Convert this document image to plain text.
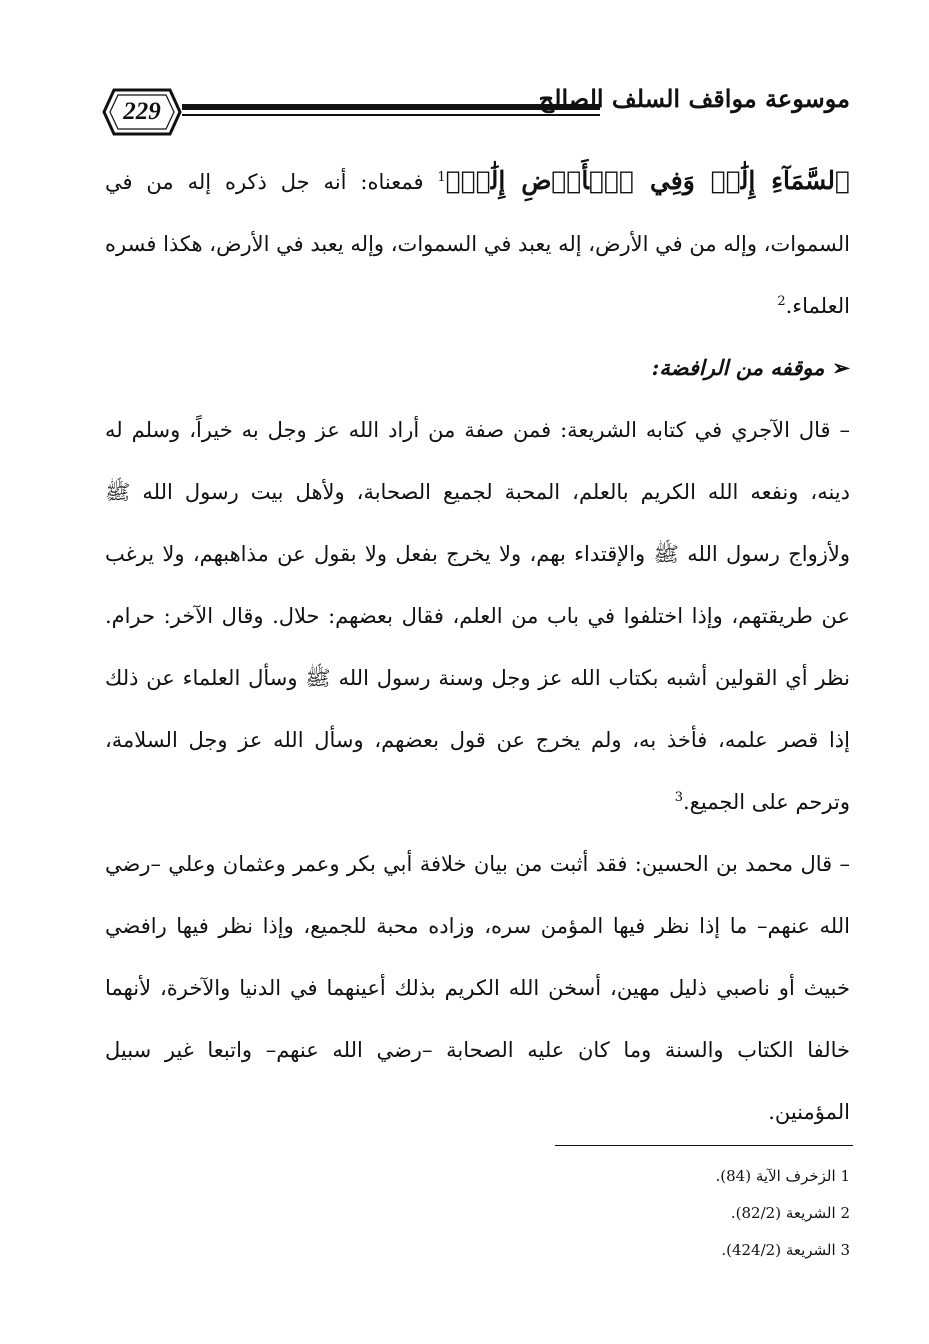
229	موسوعة مواقف السلف الصالح

ٱلسَّمَآءِ إِلَٰهٞ وَفِي ٱلۡأَرۡضِ إِلَٰهٞۚ$^1$ فمعناه: أنه جل ذكره إله من في السموات، وإله من في الأرض، إله يعبد في السموات، وإله يعبد في الأرض، هكذا فسره العلماء.$^2$

➢موقفه من الرافضة:

– قال الآجري في كتابه الشريعة: فمن صفة من أراد الله عز وجل به خيراً، وسلم له دينه، ونفعه الله الكريم بالعلم، المحبة لجميع الصحابة، ولأهل بيت رسول الله ﷺ ولأزواج رسول الله ﷺ والإقتداء بهم، ولا يخرج بفعل ولا بقول عن مذاهبهم، ولا يرغب عن طريقتهم، وإذا اختلفوا في باب من العلم، فقال بعضهم: حلال. وقال الآخر: حرام. نظر أي القولين أشبه بكتاب الله عز وجل وسنة رسول الله ﷺ وسأل العلماء عن ذلك إذا قصر علمه، فأخذ به، ولم يخرج عن قول بعضهم، وسأل الله عز وجل السلامة، وترحم على الجميع.$^3$

– قال محمد بن الحسين: فقد أثبت من بيان خلافة أبي بكر وعمر وعثمان وعلي –رضي الله عنهم– ما إذا نظر فيها المؤمن سره، وزاده محبة للجميع، وإذا نظر فيها رافضي خبيث أو ناصبي ذليل مهين، أسخن الله الكريم بذلك أعينهما في الدنيا والآخرة، لأنهما خالفا الكتاب والسنة وما كان عليه الصحابة –رضي الله عنهم– واتبعا غير سبيل المؤمنين.

1 الزخرف الآية (84).

2 الشريعة (82/2).

3 الشريعة (424/2).
